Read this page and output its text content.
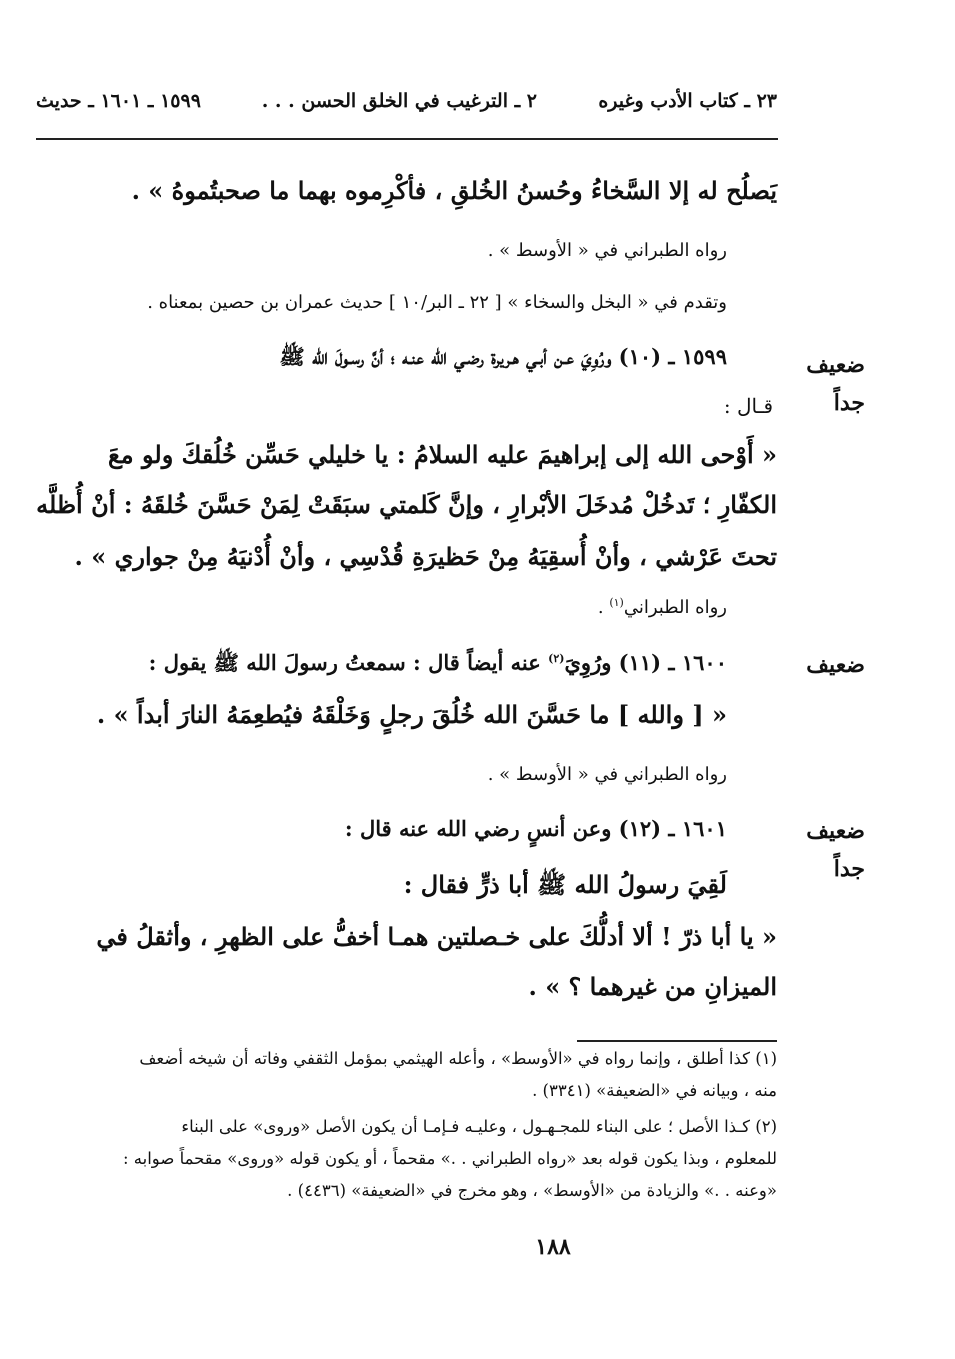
٢٣ ـ كتاب الأدب وغيره
٢ ـ الترغيب في الخلق الحسن . . .
١٥٩٩ ـ ١٦٠١ ـ حديث
يَصلُح له إلا السَّخاءُ وحُسنُ الخُلقِ ، فأكْرِموه بهما ما صحبتُموهُ » .
رواه الطبراني في « الأوسط » .
وتقدم في « البخل والسخاء » [ ٢٢ ـ البر/١٠ ] حديث عمران بن حصين بمعناه .
ضعيف
جداً
١٥٩٩ ـ (١٠) ورُوِيَ عـن أبـي هـريرة رضـي الله عنـه ؛ أنَّ رسـولَ الله ﷺ
قـال :
« أَوْحى الله إلى إبراهيمَ عليه السلامُ : يا خليلي حَسِّن خُلُقكَ ولو معَ
الكفّارِ ؛ تَدخُلْ مُدخَلَ الأبْرارِ ، وإنَّ كَلمتي سبَقَتْ لِمَنْ حَسَّنَ خُلقَهُ : أنْ أُظلَّه
تحتَ عَرْشي ، وأنْ أُسقِيَهُ مِنْ حَظيرَةِ قُدْسِي ، وأنْ أُدْنيَهُ مِنْ جواري » .
رواه الطبراني$^{(١)}$ .
ضعيف
١٦٠٠ ـ (١١) ورُوِيَ$^{(٢)}$ عنه أيضاً قال : سمعتُ رسولَ الله ﷺ يقول :
« [ والله ] ما حَسَّنَ الله خُلُقَ رجلٍ وَخَلْقَهُ فيُطعِمَهُ النارَ أبداً » .
رواه الطبراني في « الأوسط » .
ضعيف
جداً
١٦٠١ ـ (١٢) وعن أنسٍ رضي الله عنه قال :
لَقِيَ رسولُ الله ﷺ أبا ذرٍّ فقال :
« يا أبا ذرّ ! ألا أدلُّكَ على خـصلتين همـا أخفُّ على الظهرِ ، وأثقلُ في
الميزانِ من غيرهما ؟ » .
(١) كذا أطلق ، وإنما رواه في «الأوسط» ، وأعله الهيثمي بمؤمل الثقفي وفاته أن شيخه أضعف
منه ، وبيانه في «الضعيفة» (٣٣٤١) .
(٢) كـذا الأصل ؛ على البناء للمجـهـول ، وعليـه فـإمـا أن يكون الأصل «وروى» على البناء
للمعلوم ، وبذا يكون قوله بعد «رواه الطبراني . .» مقحماً ، أو يكون قوله «وروى» مقحماً صوابه :
«وعنه . .» والزيادة من «الأوسط» ، وهو مخرج في «الضعيفة» (٤٤٣٦) .
١٨٨
